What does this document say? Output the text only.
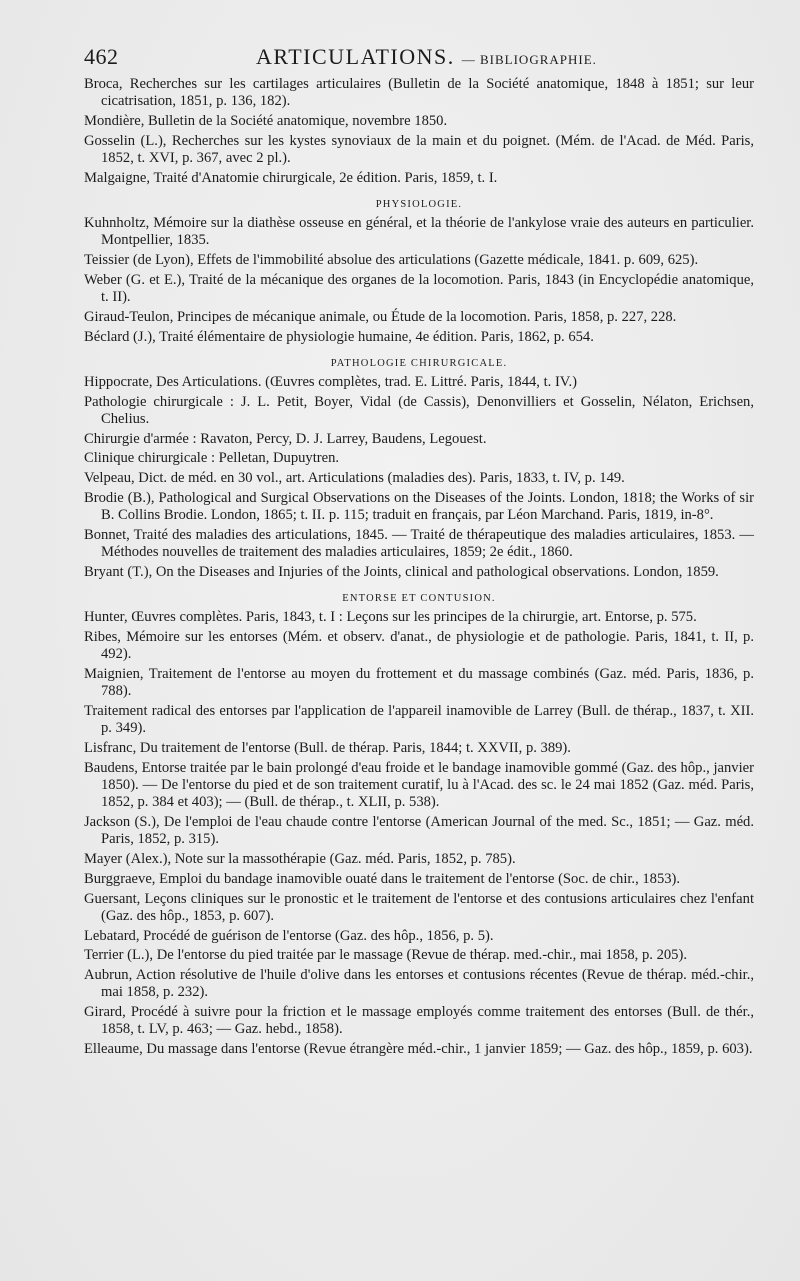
462	ARTICULATIONS. — BIBLIOGRAPHIE.

Broca, Recherches sur les cartilages articulaires (Bulletin de la Société anatomique, 1848 à 1851; sur leur cicatrisation, 1851, p. 136, 182).

Mondière, Bulletin de la Société anatomique, novembre 1850.

Gosselin (L.), Recherches sur les kystes synoviaux de la main et du poignet. (Mém. de l'Acad. de Méd. Paris, 1852, t. XVI, p. 367, avec 2 pl.).

Malgaigne, Traité d'Anatomie chirurgicale, 2e édition. Paris, 1859, t. I.

PHYSIOLOGIE.

Kuhnholtz, Mémoire sur la diathèse osseuse en général, et la théorie de l'ankylose vraie des auteurs en particulier. Montpellier, 1835.

Teissier (de Lyon), Effets de l'immobilité absolue des articulations (Gazette médicale, 1841. p. 609, 625).

Weber (G. et E.), Traité de la mécanique des organes de la locomotion. Paris, 1843 (in Encyclopédie anatomique, t. II).

Giraud-Teulon, Principes de mécanique animale, ou Étude de la locomotion. Paris, 1858, p. 227, 228.

Béclard (J.), Traité élémentaire de physiologie humaine, 4e édition. Paris, 1862, p. 654.

PATHOLOGIE CHIRURGICALE.

Hippocrate, Des Articulations. (Œuvres complètes, trad. E. Littré. Paris, 1844, t. IV.)

Pathologie chirurgicale : J. L. Petit, Boyer, Vidal (de Cassis), Denonvilliers et Gosselin, Nélaton, Erichsen, Chelius.

Chirurgie d'armée : Ravaton, Percy, D. J. Larrey, Baudens, Legouest.

Clinique chirurgicale : Pelletan, Dupuytren.

Velpeau, Dict. de méd. en 30 vol., art. Articulations (maladies des). Paris, 1833, t. IV, p. 149.

Brodie (B.), Pathological and Surgical Observations on the Diseases of the Joints. London, 1818; the Works of sir B. Collins Brodie. London, 1865; t. II. p. 115; traduit en français, par Léon Marchand. Paris, 1819, in-8°.

Bonnet, Traité des maladies des articulations, 1845. — Traité de thérapeutique des maladies articulaires, 1853. — Méthodes nouvelles de traitement des maladies articulaires, 1859; 2e édit., 1860.

Bryant (T.), On the Diseases and Injuries of the Joints, clinical and pathological observations. London, 1859.

ENTORSE ET CONTUSION.

Hunter, Œuvres complètes. Paris, 1843, t. I : Leçons sur les principes de la chirurgie, art. Entorse, p. 575.

Ribes, Mémoire sur les entorses (Mém. et observ. d'anat., de physiologie et de pathologie. Paris, 1841, t. II, p. 492).

Maignien, Traitement de l'entorse au moyen du frottement et du massage combinés (Gaz. méd. Paris, 1836, p. 788).

Traitement radical des entorses par l'application de l'appareil inamovible de Larrey (Bull. de thérap., 1837, t. XII. p. 349).

Lisfranc, Du traitement de l'entorse (Bull. de thérap. Paris, 1844; t. XXVII, p. 389).

Baudens, Entorse traitée par le bain prolongé d'eau froide et le bandage inamovible gommé (Gaz. des hôp., janvier 1850). — De l'entorse du pied et de son traitement curatif, lu à l'Acad. des sc. le 24 mai 1852 (Gaz. méd. Paris, 1852, p. 384 et 403); — (Bull. de thérap., t. XLII, p. 538).

Jackson (S.), De l'emploi de l'eau chaude contre l'entorse (American Journal of the med. Sc., 1851; — Gaz. méd. Paris, 1852, p. 315).

Mayer (Alex.), Note sur la massothérapie (Gaz. méd. Paris, 1852, p. 785).

Burggraeve, Emploi du bandage inamovible ouaté dans le traitement de l'entorse (Soc. de chir., 1853).

Guersant, Leçons cliniques sur le pronostic et le traitement de l'entorse et des contusions articulaires chez l'enfant (Gaz. des hôp., 1853, p. 607).

Lebatard, Procédé de guérison de l'entorse (Gaz. des hôp., 1856, p. 5).

Terrier (L.), De l'entorse du pied traitée par le massage (Revue de thérap. med.-chir., mai 1858, p. 205).

Aubrun, Action résolutive de l'huile d'olive dans les entorses et contusions récentes (Revue de thérap. méd.-chir., mai 1858, p. 232).

Girard, Procédé à suivre pour la friction et le massage employés comme traitement des entorses (Bull. de thér., 1858, t. LV, p. 463; — Gaz. hebd., 1858).

Elleaume, Du massage dans l'entorse (Revue étrangère méd.-chir., 1 janvier 1859; — Gaz. des hôp., 1859, p. 603).
